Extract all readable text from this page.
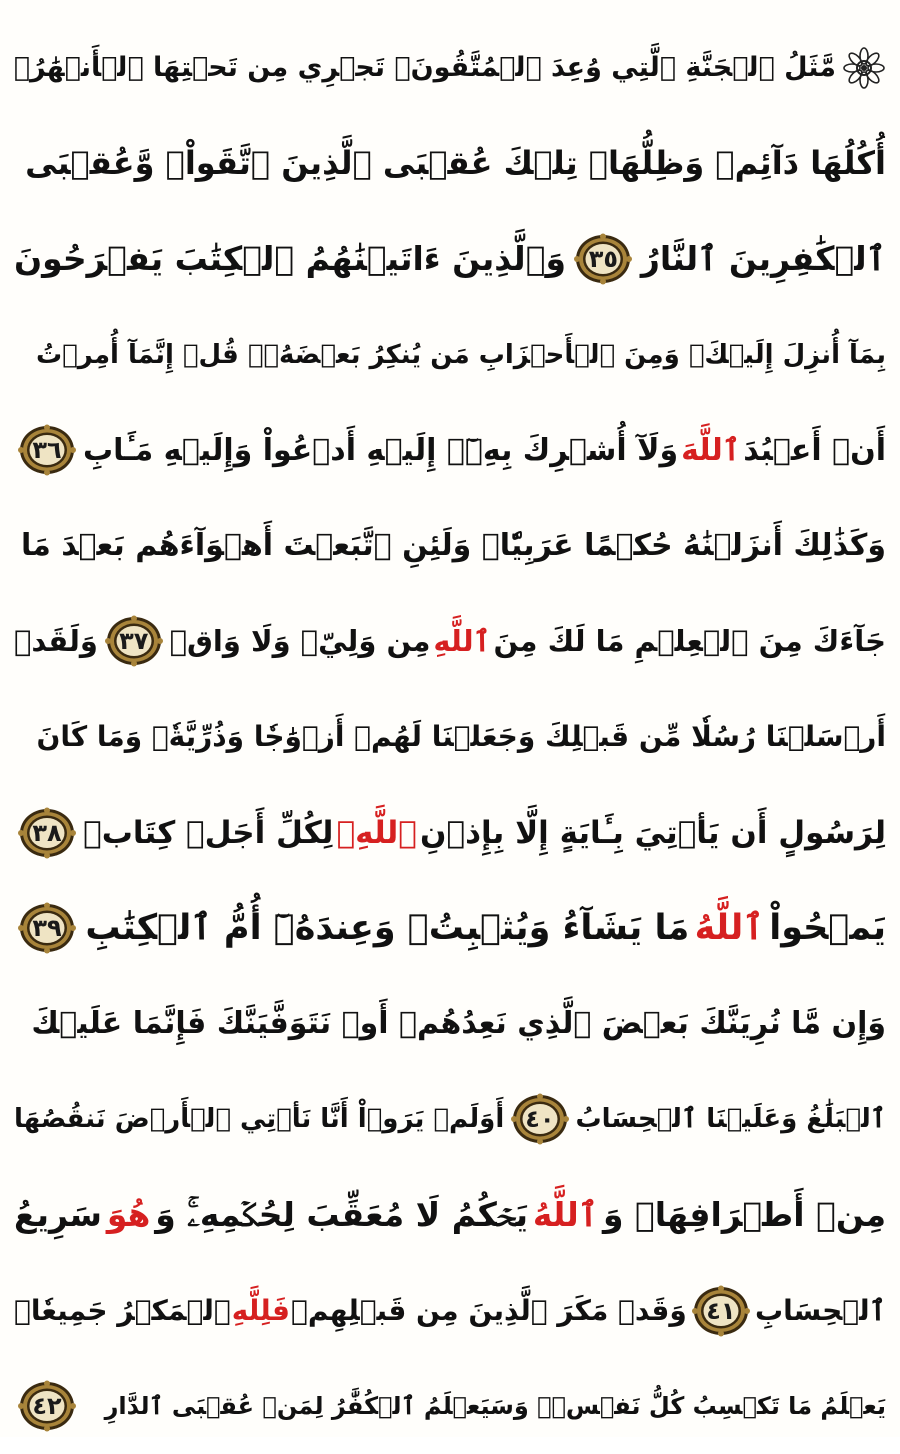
مَّثَلُ ٱلۡجَنَّةِ ٱلَّتِي وُعِدَ ٱلۡمُتَّقُونَۖ تَجۡرِي مِن تَحۡتِهَا ٱلۡأَنۡهَٰرُۖ
أُكُلُهَا دَآئِمٞ وَظِلُّهَاۚ تِلۡكَ عُقۡبَى ٱلَّذِينَ ٱتَّقَواْۖ وَّعُقۡبَى
ٱلۡكَٰفِرِينَ ٱلنَّارُ
٣٥
وَٱلَّذِينَ ءَاتَيۡنَٰهُمُ ٱلۡكِتَٰبَ يَفۡرَحُونَ
بِمَآ أُنزِلَ إِلَيۡكَۖ وَمِنَ ٱلۡأَحۡزَابِ مَن يُنكِرُ بَعۡضَهُۥۚ قُلۡ إِنَّمَآ أُمِرۡتُ
أَنۡ أَعۡبُدَ
ٱللَّهَ
وَلَآ أُشۡرِكَ بِهِۦٓۚ إِلَيۡهِ أَدۡعُواْ وَإِلَيۡهِ مَـَٔابِ
٣٦
وَكَذَٰلِكَ أَنزَلۡنَٰهُ حُكۡمًا عَرَبِيّٗاۚ وَلَئِنِ ٱتَّبَعۡتَ أَهۡوَآءَهُم بَعۡدَ مَا
جَآءَكَ مِنَ ٱلۡعِلۡمِ مَا لَكَ مِنَ
ٱللَّهِ
مِن وَلِيّٖ وَلَا وَاقٖ
٣٧
وَلَقَدۡ
أَرۡسَلۡنَا رُسُلٗا مِّن قَبۡلِكَ وَجَعَلۡنَا لَهُمۡ أَزۡوَٰجٗا وَذُرِّيَّةٗۚ وَمَا كَانَ
لِرَسُولٍ أَن يَأۡتِيَ بِـَٔايَةٍ إِلَّا بِإِذۡنِ
ٱللَّهِۗ
لِكُلِّ أَجَلٖ كِتَابٞ
٣٨
يَمۡحُواْ
ٱللَّهُ
مَا يَشَآءُ وَيُثۡبِتُۖ وَعِندَهُۥٓ أُمُّ ٱلۡكِتَٰبِ
٣٩
وَإِن مَّا نُرِيَنَّكَ بَعۡضَ ٱلَّذِي نَعِدُهُمۡ أَوۡ نَتَوَفَّيَنَّكَ فَإِنَّمَا عَلَيۡكَ
ٱلۡبَلَٰغُ وَعَلَيۡنَا ٱلۡحِسَابُ
٤٠
أَوَلَمۡ يَرَوۡاْ أَنَّا نَأۡتِي ٱلۡأَرۡضَ نَنقُصُهَا
مِنۡ أَطۡرَافِهَاۚ وَ
ٱللَّهُ
يَحۡكُمُ لَا مُعَقِّبَ لِحُكۡمِهِۦۚ وَ
هُوَ
سَرِيعُ
ٱلۡحِسَابِ
٤١
وَقَدۡ مَكَرَ ٱلَّذِينَ مِن قَبۡلِهِمۡ
فَلِلَّهِ
ٱلۡمَكۡرُ جَمِيعٗاۖ
يَعۡلَمُ مَا تَكۡسِبُ كُلُّ نَفۡسٖۗ وَسَيَعۡلَمُ ٱلۡكُفَّٰرُ لِمَنۡ عُقۡبَى ٱلدَّارِ
٤٢
